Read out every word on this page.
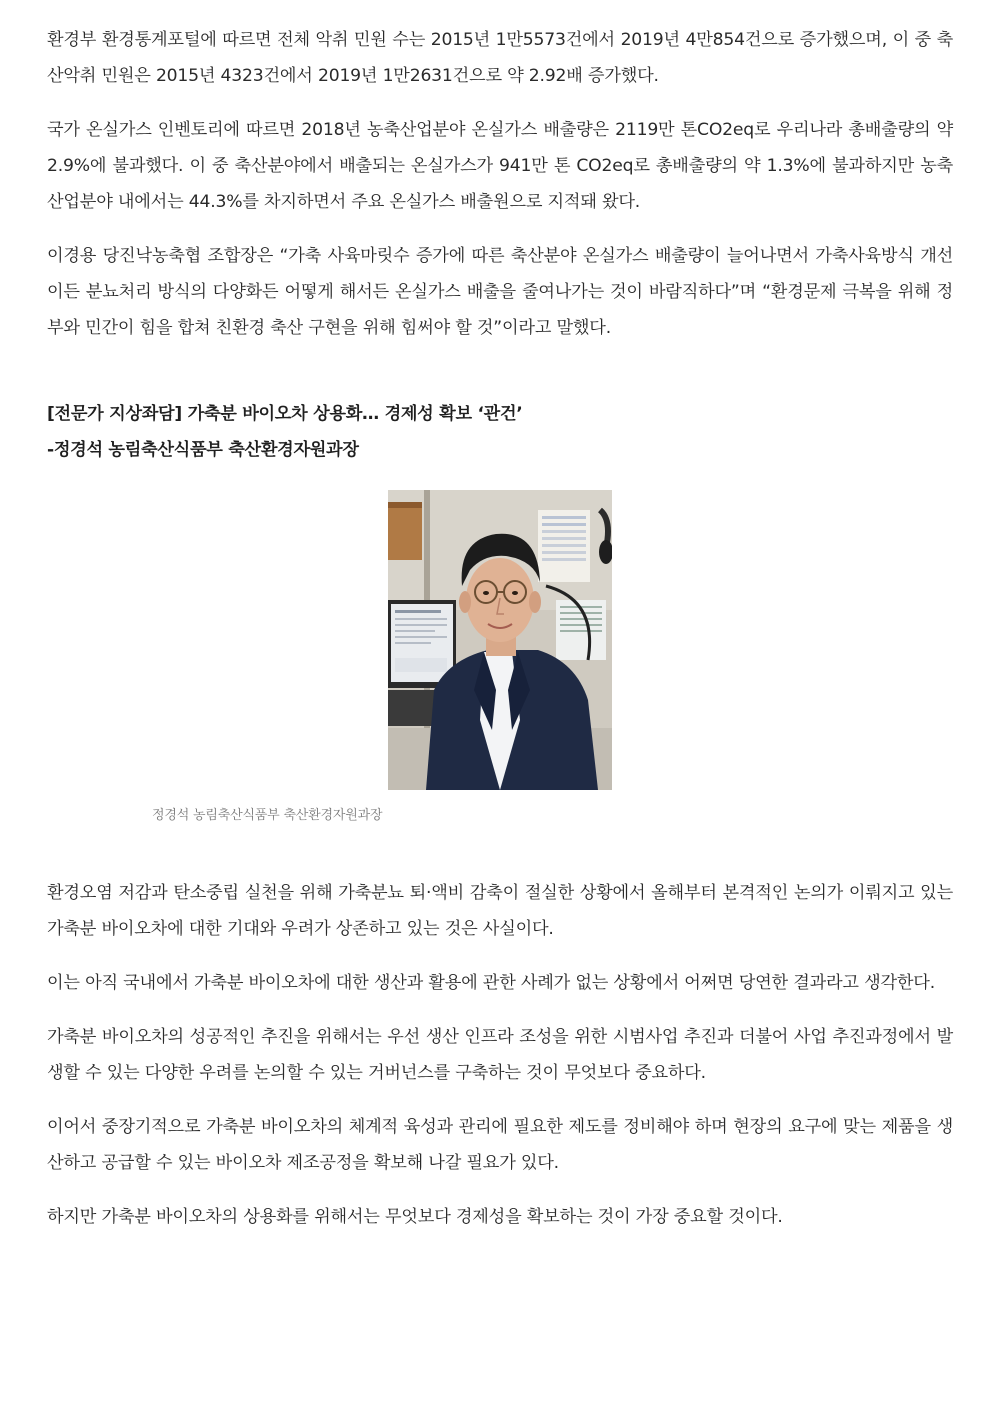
환경부 환경통계포털에 따르면 전체 악취 민원 수는 2015년 1만5573건에서 2019년 4만854건으로 증가했으며, 이 중 축산악취 민원은 2015년 4323건에서 2019년 1만2631건으로 약 2.92배 증가했다.

국가 온실가스 인벤토리에 따르면 2018년 농축산업분야 온실가스 배출량은 2119만 톤CO2eq로 우리나라 총배출량의 약 2.9%에 불과했다. 이 중 축산분야에서 배출되는 온실가스가 941만 톤 CO2eq로 총배출량의 약 1.3%에 불과하지만 농축산업분야 내에서는 44.3%를 차지하면서 주요 온실가스 배출원으로 지적돼 왔다.

이경용 당진낙농축협 조합장은 “가축 사육마릿수 증가에 따른 축산분야 온실가스 배출량이 늘어나면서 가축사육방식 개선이든 분뇨처리 방식의 다양화든 어떻게 해서든 온실가스 배출을 줄여나가는 것이 바람직하다”며 “환경문제 극복을 위해 정부와 민간이 힘을 합쳐 친환경 축산 구현을 위해 힘써야 할 것”이라고 말했다.

[전문가 지상좌담] 가축분 바이오차 상용화… 경제성 확보 ‘관건’

-정경석 농림축산식품부 축산환경자원과장

정경석 농림축산식품부 축산환경자원과장

환경오염 저감과 탄소중립 실천을 위해 가축분뇨 퇴·액비 감축이 절실한 상황에서 올해부터 본격적인 논의가 이뤄지고 있는 가축분 바이오차에 대한 기대와 우려가 상존하고 있는 것은 사실이다.

이는 아직 국내에서 가축분 바이오차에 대한 생산과 활용에 관한 사례가 없는 상황에서 어쩌면 당연한 결과라고 생각한다.

가축분 바이오차의 성공적인 추진을 위해서는 우선 생산 인프라 조성을 위한 시범사업 추진과 더불어 사업 추진과정에서 발생할 수 있는 다양한 우려를 논의할 수 있는 거버넌스를 구축하는 것이 무엇보다 중요하다.

이어서 중장기적으로 가축분 바이오차의 체계적 육성과 관리에 필요한 제도를 정비해야 하며 현장의 요구에 맞는 제품을 생산하고 공급할 수 있는 바이오차 제조공정을 확보해 나갈 필요가 있다.

하지만 가축분 바이오차의 상용화를 위해서는 무엇보다 경제성을 확보하는 것이 가장 중요할 것이다.
